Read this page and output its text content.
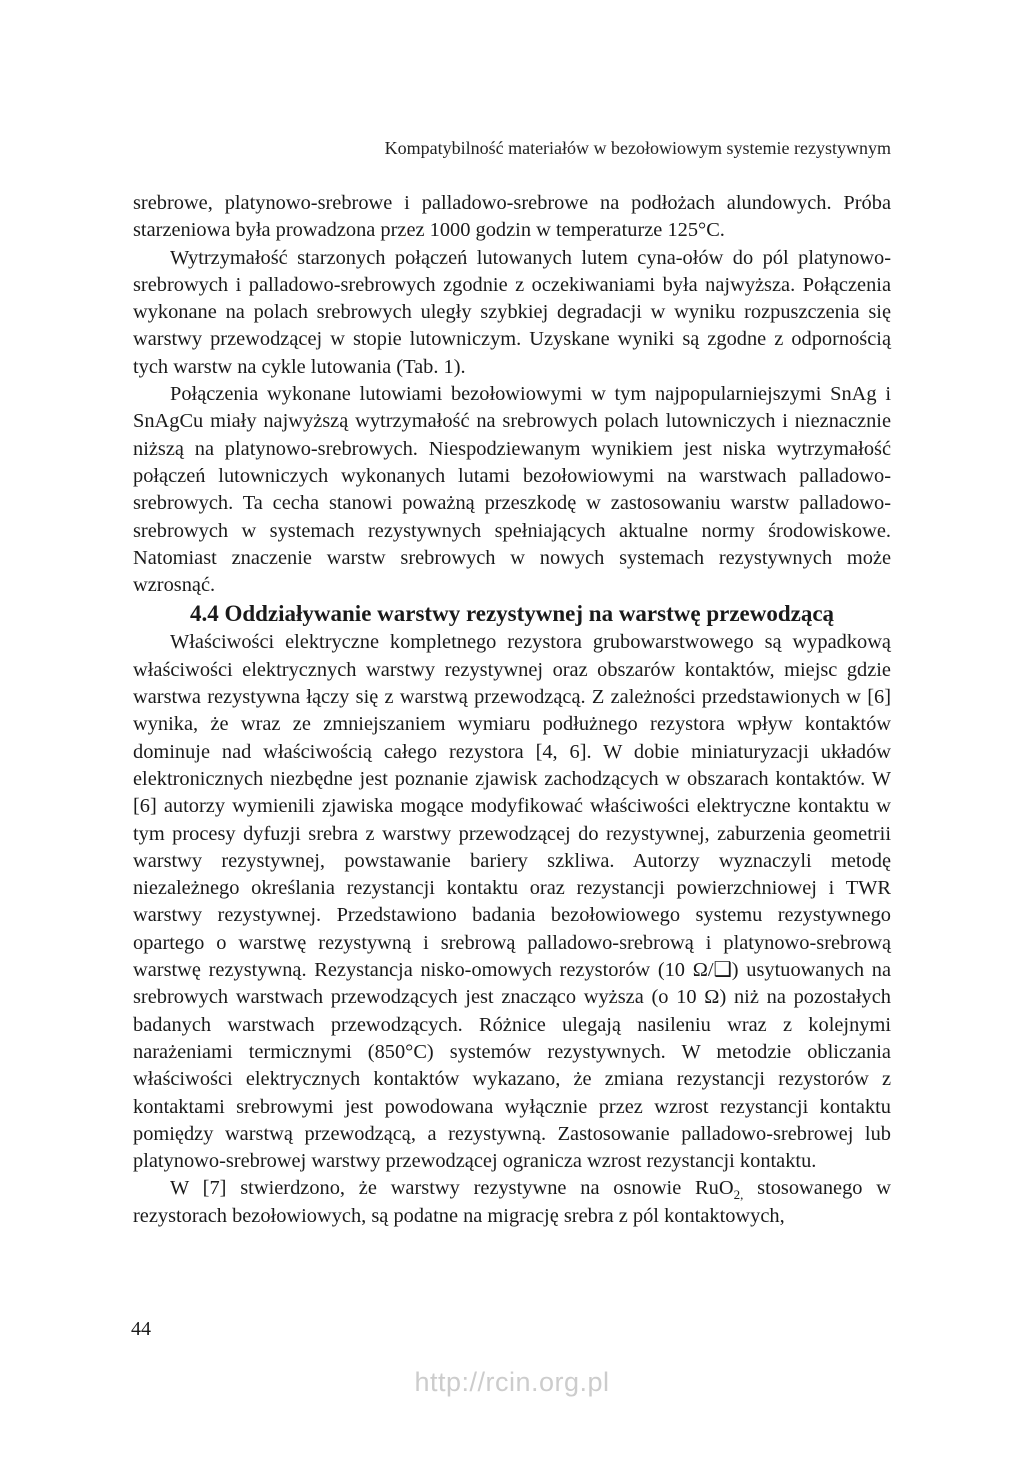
Kompatybilność materiałów w bezołowiowym systemie rezystywnym

srebrowe, platynowo-srebrowe i palladowo-srebrowe na podłożach alundowych. Próba starzeniowa była prowadzona przez 1000 godzin w temperaturze 125°C.

Wytrzymałość starzonych połączeń lutowanych lutem cyna-ołów do pól platynowo-srebrowych i palladowo-srebrowych zgodnie z oczekiwaniami była najwyższa. Połączenia wykonane na polach srebrowych uległy szybkiej degradacji w wyniku rozpuszczenia się warstwy przewodzącej w stopie lutowniczym. Uzyskane wyniki są zgodne z odpornością tych warstw na cykle lutowania (Tab. 1).

Połączenia wykonane lutowiami bezołowiowymi w tym najpopularniejszymi SnAg i SnAgCu miały najwyższą wytrzymałość na srebrowych polach lutowniczych i nieznacznie niższą na platynowo-srebrowych. Niespodziewanym wynikiem jest niska wytrzymałość połączeń lutowniczych wykonanych lutami bezołowiowymi na warstwach palladowo-srebrowych. Ta cecha stanowi poważną przeszkodę w zastosowaniu warstw palladowo-srebrowych w systemach rezystywnych spełniających aktualne normy środowiskowe. Natomiast znaczenie warstw srebrowych w nowych systemach rezystywnych może wzrosnąć.

4.4 Oddziaływanie warstwy rezystywnej na warstwę przewodzącą

Właściwości elektryczne kompletnego rezystora grubowarstwowego są wypadkową właściwości elektrycznych warstwy rezystywnej oraz obszarów kontaktów, miejsc gdzie warstwa rezystywna łączy się z warstwą przewodzącą. Z zależności przedstawionych w [6] wynika, że wraz ze zmniejszaniem wymiaru podłużnego rezystora wpływ kontaktów dominuje nad właściwością całego rezystora [4, 6]. W dobie miniaturyzacji układów elektronicznych niezbędne jest poznanie zjawisk zachodzących w obszarach kontaktów. W [6] autorzy wymienili zjawiska mogące modyfikować właściwości elektryczne kontaktu w tym procesy dyfuzji srebra z warstwy przewodzącej do rezystywnej, zaburzenia geometrii warstwy rezystywnej, powstawanie bariery szkliwa. Autorzy wyznaczyli metodę niezależnego określania rezystancji kontaktu oraz rezystancji powierzchniowej i TWR warstwy rezystywnej. Przedstawiono badania bezołowiowego systemu rezystywnego opartego o warstwę rezystywną i srebrową palladowo-srebrową i platynowo-srebrową warstwę rezystywną. Rezystancja nisko-omowych rezystorów (10 Ω/❑) usytuowanych na srebrowych warstwach przewodzących jest znacząco wyższa (o 10 Ω) niż na pozostałych badanych warstwach przewodzących. Różnice ulegają nasileniu wraz z kolejnymi narażeniami termicznymi (850°C) systemów rezystywnych. W metodzie obliczania właściwości elektrycznych kontaktów wykazano, że zmiana rezystancji rezystorów z kontaktami srebrowymi jest powodowana wyłącznie przez wzrost rezystancji kontaktu pomiędzy warstwą przewodzącą, a rezystywną. Zastosowanie palladowo-srebrowej lub platynowo-srebrowej warstwy przewodzącej ogranicza wzrost rezystancji kontaktu.

W [7] stwierdzono, że warstwy rezystywne na osnowie RuO$_{2,}$ stosowanego w rezystorach bezołowiowych, są podatne na migrację srebra z pól kontaktowych,

44
http://rcin.org.pl
